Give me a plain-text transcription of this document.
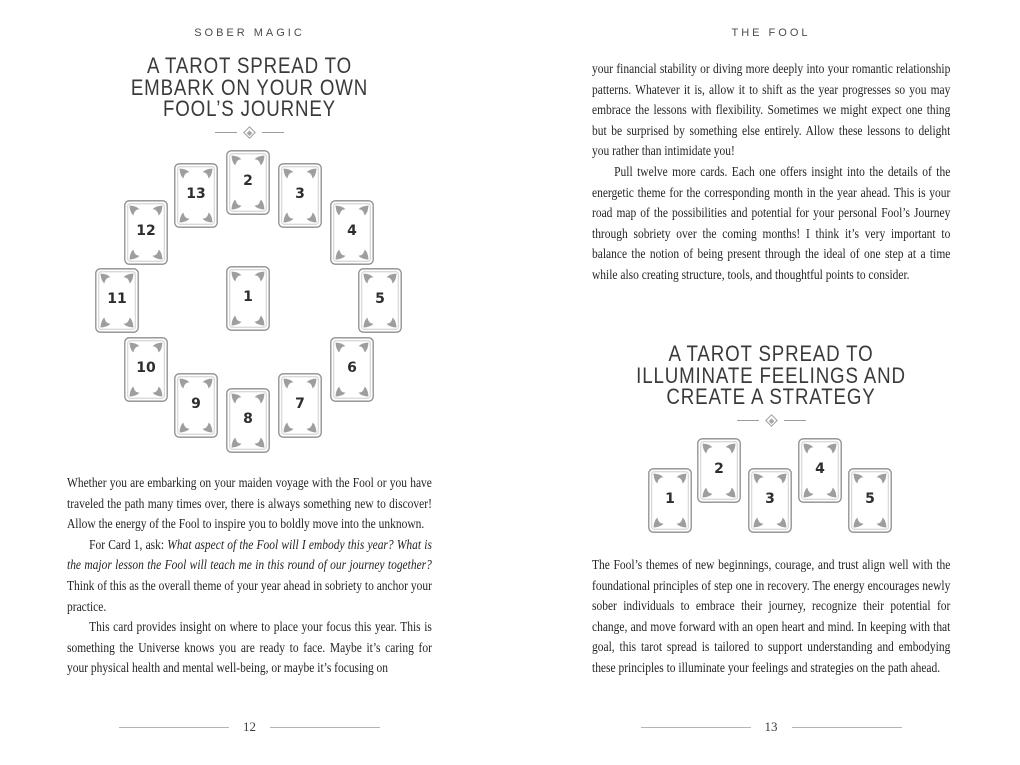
SOBER MAGIC
A TAROT SPREAD TO
EMBARK ON YOUR OWN
FOOL’S JOURNEY
1
2
3
4
5
6
7
8
9
10
11
12
13

Whether you are embarking on your maiden voyage with the Fool or you have traveled the path many times over, there is always something new to discover! Allow the energy of the Fool to inspire you to boldly move into the unknown.

For Card 1, ask: What aspect of the Fool will I embody this year? What is the major lesson the Fool will teach me in this round of our journey together? Think of this as the overall theme of your year ahead in sobriety to anchor your practice.

This card provides insight on where to place your focus this year. This is something the Universe knows you are ready to face. Maybe it’s caring for your physical health and mental well-being, or maybe it’s focusing on

12
THE FOOL

your financial stability or diving more deeply into your romantic relationship patterns. Whatever it is, allow it to shift as the year progresses so you may embrace the lessons with flexibility. Sometimes we might expect one thing but be surprised by something else entirely. Allow these lessons to delight you rather than intimidate you!

Pull twelve more cards. Each one offers insight into the details of the energetic theme for the corresponding month in the year ahead. This is your road map of the possibilities and potential for your personal Fool’s Journey through sobriety over the coming months! I think it’s very important to balance the notion of being present through the ideal of one step at a time while also creating structure, tools, and thoughtful points to consider.

A TAROT SPREAD TO
ILLUMINATE FEELINGS AND
CREATE A STRATEGY
1
2
3
4
5

The Fool’s themes of new beginnings, courage, and trust align well with the foundational principles of step one in recovery. The energy encourages newly sober individuals to embrace their journey, recognize their potential for change, and move forward with an open heart and mind. In keeping with that goal, this tarot spread is tailored to support understanding and embodying these principles to illuminate your feelings and strategies on the path ahead.

13
